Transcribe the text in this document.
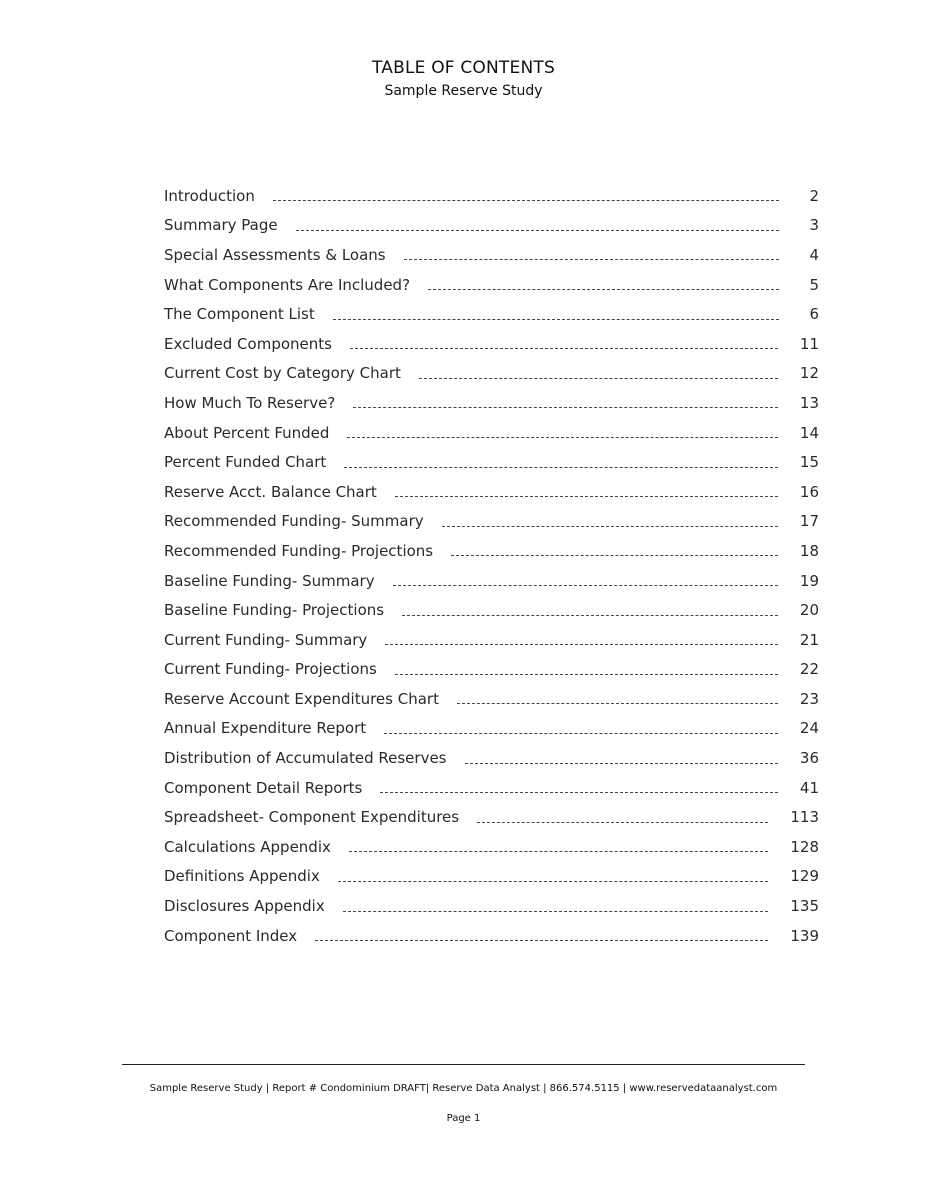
TABLE OF CONTENTS
Sample Reserve Study
Introduction	2
Summary Page	3
Special Assessments & Loans	4
What Components Are Included?	5
The Component List	6
Excluded Components	11
Current Cost by Category Chart	12
How Much To Reserve?	13
About Percent Funded	14
Percent Funded Chart	15
Reserve Acct. Balance Chart	16
Recommended Funding- Summary	17
Recommended Funding- Projections	18
Baseline Funding- Summary	19
Baseline Funding- Projections	20
Current Funding- Summary	21
Current Funding- Projections	22
Reserve Account Expenditures Chart	23
Annual Expenditure Report	24
Distribution of Accumulated Reserves	36
Component Detail Reports	41
Spreadsheet- Component Expenditures	113
Calculations Appendix	128
Definitions Appendix	129
Disclosures Appendix	135
Component Index	139
Sample Reserve Study | Report # Condominium DRAFT| Reserve Data Analyst | 866.574.5115 | www.reservedataanalyst.com
Page 1
